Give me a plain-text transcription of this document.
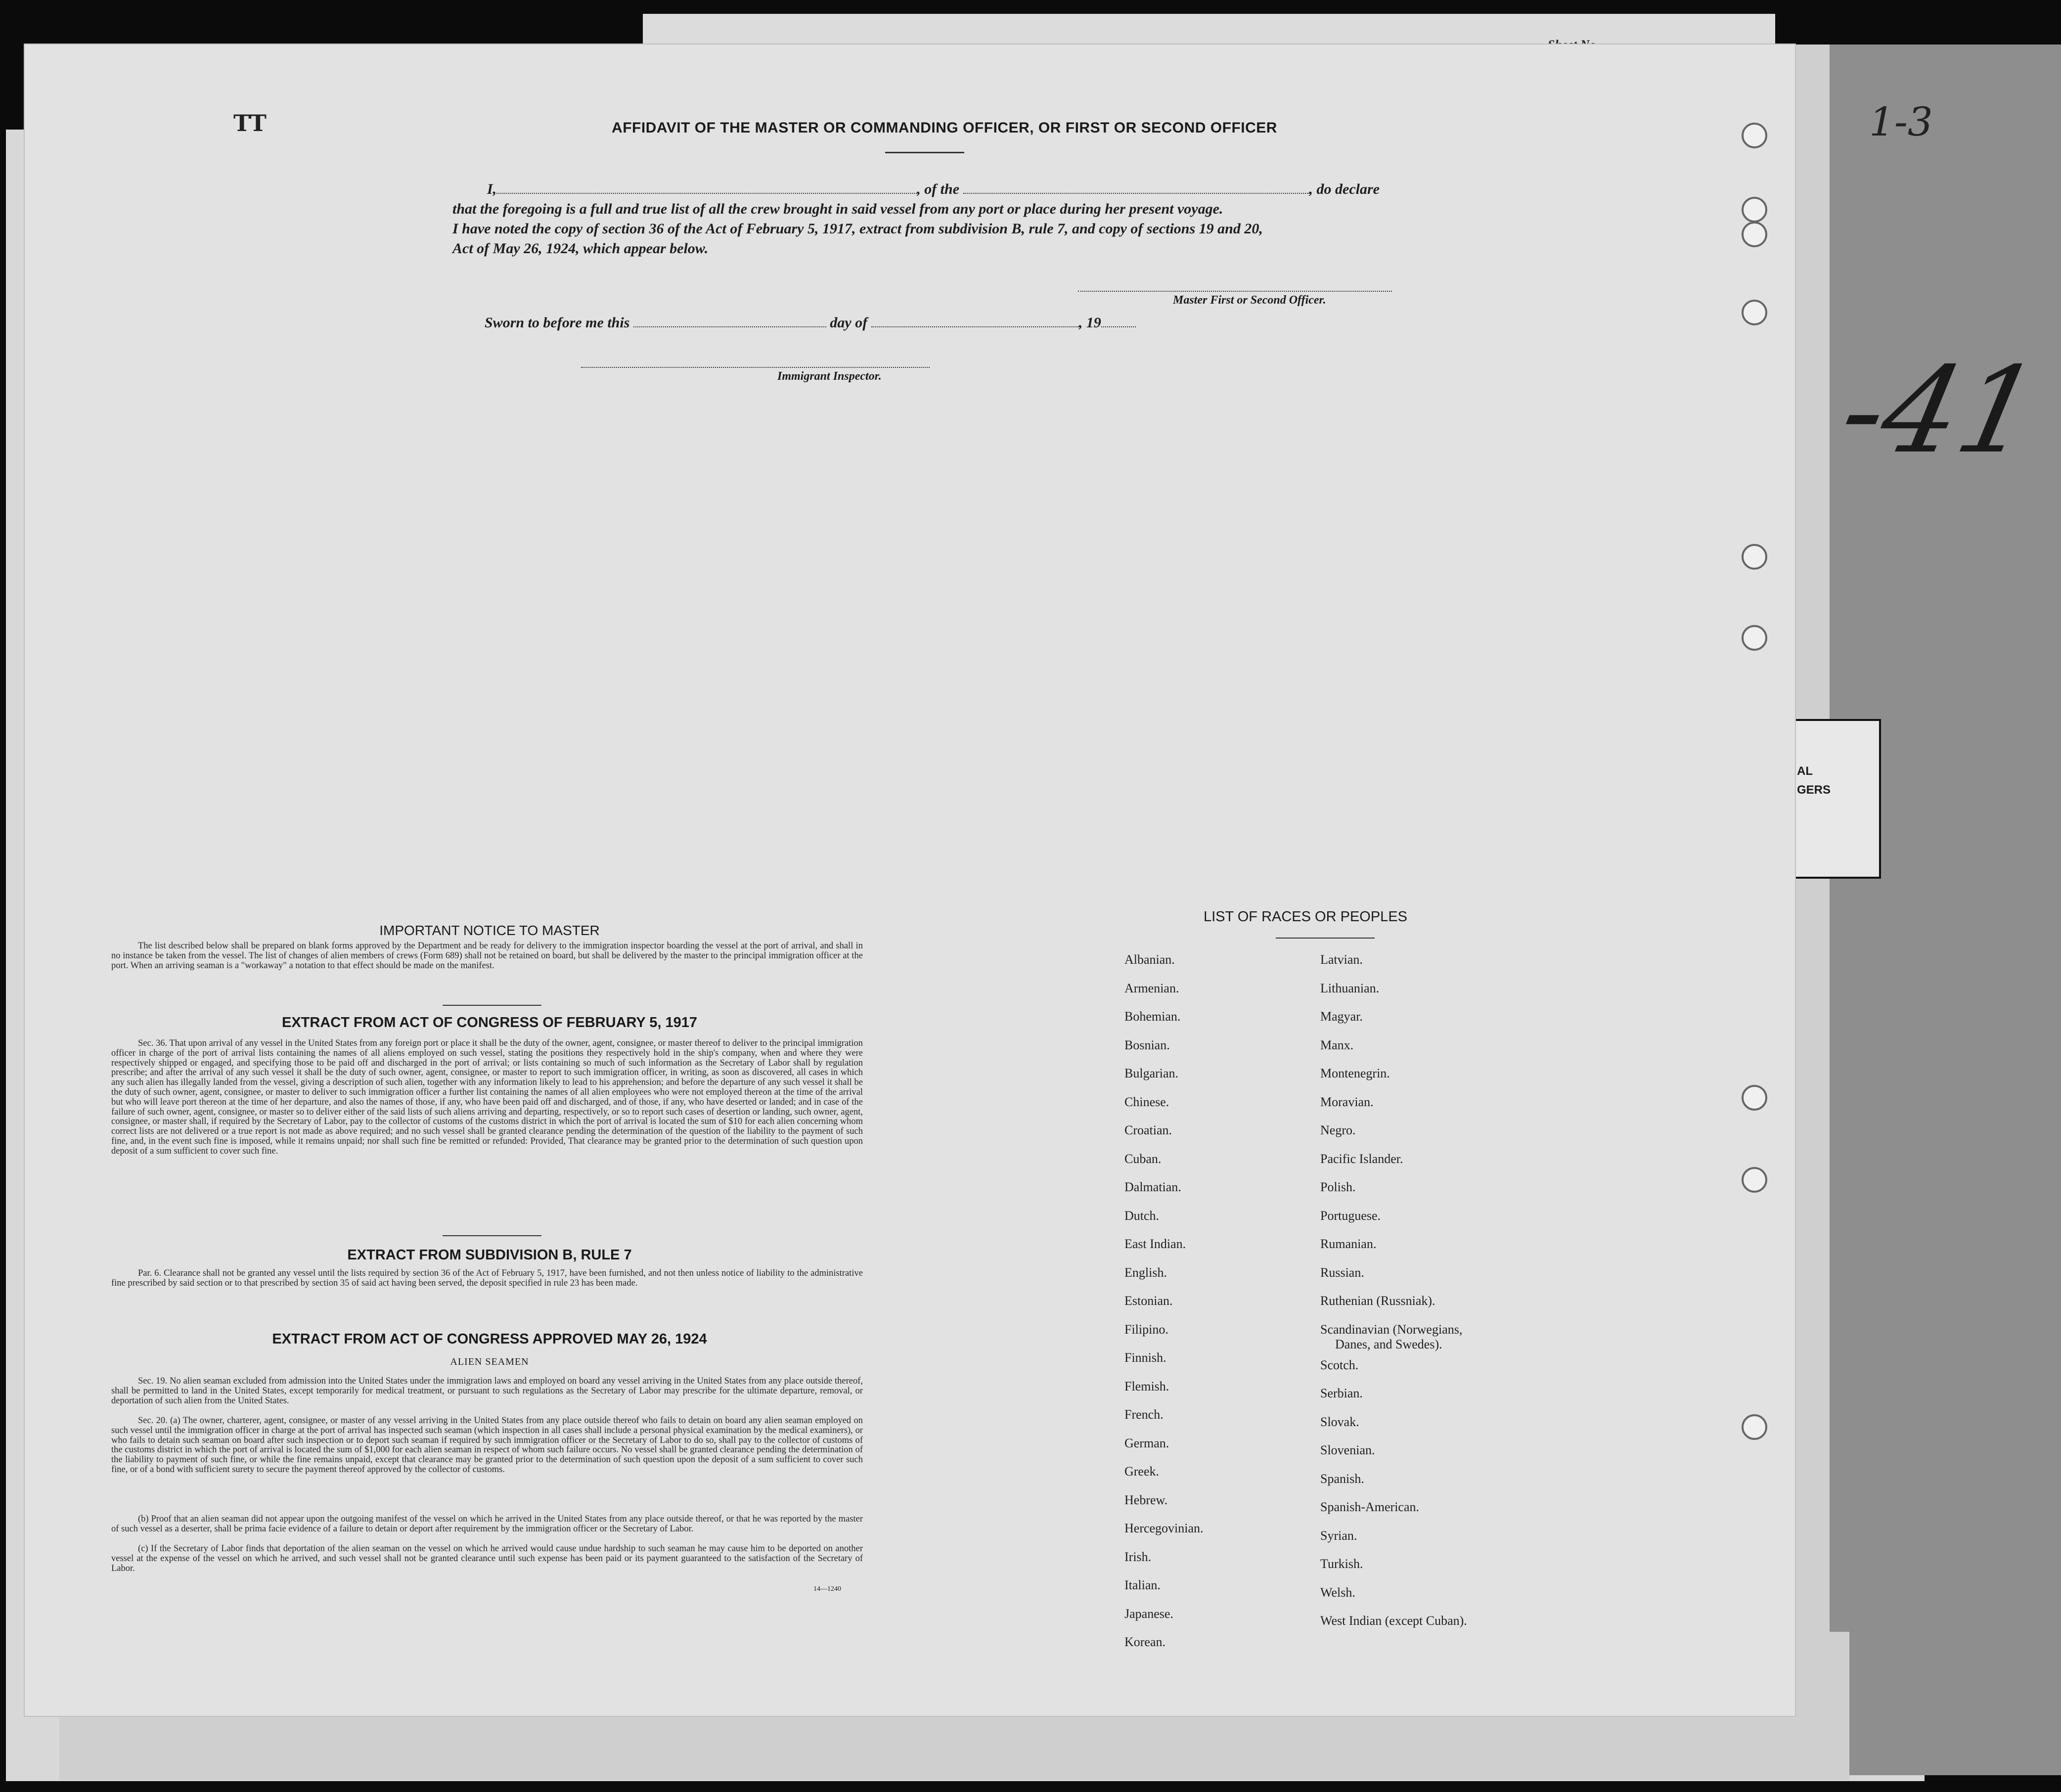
AL
GERS
-41
1-3
TT	AFFIDAVIT OF THE MASTER OR COMMANDING OFFICER, OR FIRST OR SECOND OFFICER
I,	, of the	, do declare
that the foregoing is a full and true list of all the crew brought in said vessel from any port or place during her present voyage.
I have noted the copy of section 36 of the Act of February 5, 1917, extract from subdivision B, rule 7, and copy of sections 19 and 20,
Act of May 26, 1924, which appear below.
Master First or Second Officer.
Sworn to before me this	day of	, 19
Immigrant Inspector.
IMPORTANT NOTICE TO MASTER
The list described below shall be prepared on blank forms approved by the Department and be ready for delivery to the immigration inspector boarding the vessel at the port of arrival, and shall in no instance be taken from the vessel. The list of changes of alien members of crews (Form 689) shall not be retained on board, but shall be delivered by the master to the principal immigration officer at the port. When an arriving seaman is a "workaway" a notation to that effect should be made on the manifest.
EXTRACT FROM ACT OF CONGRESS OF FEBRUARY 5, 1917
Sec. 36. That upon arrival of any vessel in the United States from any foreign port or place it shall be the duty of the owner, agent, consignee, or master thereof to deliver to the principal immigration officer in charge of the port of arrival lists containing the names of all aliens employed on such vessel, stating the positions they respectively hold in the ship's company, when and where they were respectively shipped or engaged, and specifying those to be paid off and discharged in the port of arrival; or lists containing so much of such information as the Secretary of Labor shall by regulation prescribe; and after the arrival of any such vessel it shall be the duty of such owner, agent, consignee, or master to report to such immigration officer, in writing, as soon as discovered, all cases in which any such alien has illegally landed from the vessel, giving a description of such alien, together with any information likely to lead to his apprehension; and before the departure of any such vessel it shall be the duty of such owner, agent, consignee, or master to deliver to such immigration officer a further list containing the names of all alien employees who were not employed thereon at the time of the arrival but who will leave port thereon at the time of her departure, and also the names of those, if any, who have been paid off and discharged, and of those, if any, who have deserted or landed; and in case of the failure of such owner, agent, consignee, or master so to deliver either of the said lists of such aliens arriving and departing, respectively, or so to report such cases of desertion or landing, such owner, agent, consignee, or master shall, if required by the Secretary of Labor, pay to the collector of customs of the customs district in which the port of arrival is located the sum of $10 for each alien concerning whom correct lists are not delivered or a true report is not made as above required; and no such vessel shall be granted clearance pending the determination of the question of the liability to the payment of such fine, and, in the event such fine is imposed, while it remains unpaid; nor shall such fine be remitted or refunded: Provided, That clearance may be granted prior to the determination of such question upon deposit of a sum sufficient to cover such fine.
EXTRACT FROM SUBDIVISION B, RULE 7
Par. 6. Clearance shall not be granted any vessel until the lists required by section 36 of the Act of February 5, 1917, have been furnished, and not then unless notice of liability to the administrative fine prescribed by said section or to that prescribed by section 35 of said act having been served, the deposit specified in rule 23 has been made.
EXTRACT FROM ACT OF CONGRESS APPROVED MAY 26, 1924
ALIEN SEAMEN
Sec. 19. No alien seaman excluded from admission into the United States under the immigration laws and employed on board any vessel arriving in the United States from any place outside thereof, shall be permitted to land in the United States, except temporarily for medical treatment, or pursuant to such regulations as the Secretary of Labor may prescribe for the ultimate departure, removal, or deportation of such alien from the United States.
Sec. 20. (a) The owner, charterer, agent, consignee, or master of any vessel arriving in the United States from any place outside thereof who fails to detain on board any alien seaman employed on such vessel until the immigration officer in charge at the port of arrival has inspected such seaman (which inspection in all cases shall include a personal physical examination by the medical examiners), or who fails to detain such seaman on board after such inspection or to deport such seaman if required by such immigration officer or the Secretary of Labor to do so, shall pay to the collector of customs of the customs district in which the port of arrival is located the sum of $1,000 for each alien seaman in respect of whom such failure occurs. No vessel shall be granted clearance pending the determination of the liability to payment of such fine, or while the fine remains unpaid, except that clearance may be granted prior to the determination of such question upon the deposit of a sum sufficient to cover such fine, or of a bond with sufficient surety to secure the payment thereof approved by the collector of customs.
(b) Proof that an alien seaman did not appear upon the outgoing manifest of the vessel on which he arrived in the United States from any place outside thereof, or that he was reported by the master of such vessel as a deserter, shall be prima facie evidence of a failure to detain or deport after requirement by the immigration officer or the Secretary of Labor.
(c) If the Secretary of Labor finds that deportation of the alien seaman on the vessel on which he arrived would cause undue hardship to such seaman he may cause him to be deported on another vessel at the expense of the vessel on which he arrived, and such vessel shall not be granted clearance until such expense has been paid or its payment guaranteed to the satisfaction of the Secretary of Labor.
14—1240
LIST OF RACES OR PEOPLES
Albanian.
Armenian.
Bohemian.
Bosnian.
Bulgarian.
Chinese.
Croatian.
Cuban.
Dalmatian.
Dutch.
East Indian.
English.
Estonian.
Filipino.
Finnish.
Flemish.
French.
German.
Greek.
Hebrew.
Hercegovinian.
Irish.
Italian.
Japanese.
Korean.
Latvian.
Lithuanian.
Magyar.
Manx.
Montenegrin.
Moravian.
Negro.
Pacific Islander.
Polish.
Portuguese.
Rumanian.
Russian.
Ruthenian (Russniak).
Scandinavian (Norwegians,
Danes, and Swedes).
Scotch.
Serbian.
Slovak.
Slovenian.
Spanish.
Spanish-American.
Syrian.
Turkish.
Welsh.
West Indian (except Cuban).
